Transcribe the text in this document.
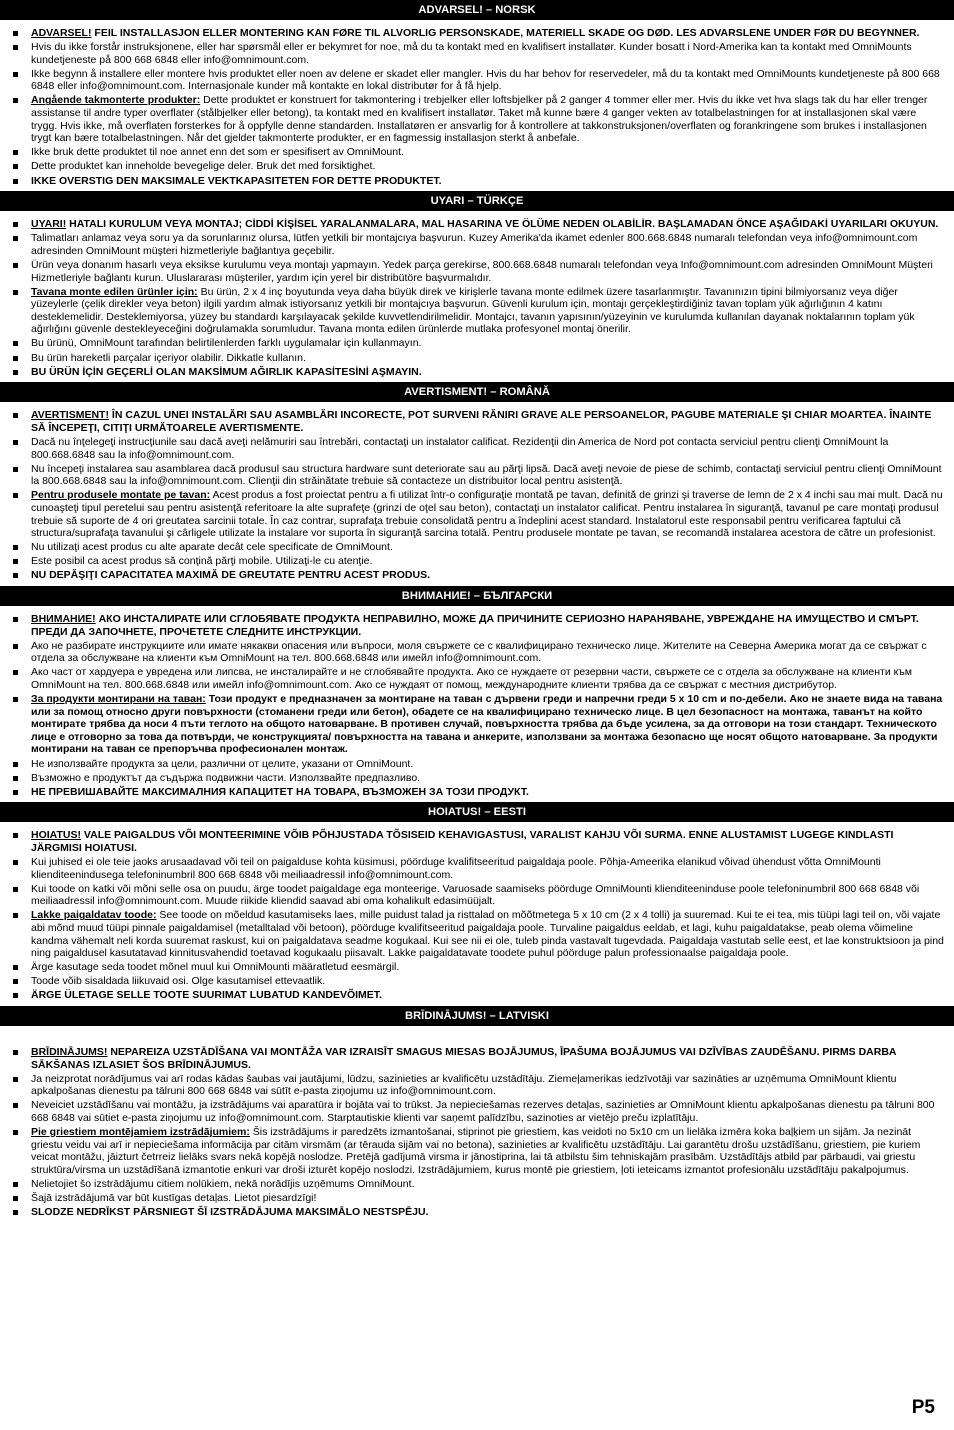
ADVARSEL! – NORSK
ADVARSEL! FEIL INSTALLASJON ELLER MONTERING KAN FØRE TIL ALVORLIG PERSONSKADE, MATERIELL SKADE OG DØD. LES ADVARSLENE UNDER FØR DU BEGYNNER.
Hvis du ikke forstår instruksjonene, eller har spørsmål eller er bekymret for noe, må du ta kontakt med en kvalifisert installatør. Kunder bosatt i Nord-Amerika kan ta kontakt med OmniMounts kundetjeneste på 800 668 6848 eller info@omnimount.com.
Ikke begynn å installere eller montere hvis produktet eller noen av delene er skadet eller mangler. Hvis du har behov for reservedeler, må du ta kontakt med OmniMounts kundetjeneste på 800 668 6848 eller info@omnimount.com. Internasjonale kunder må kontakte en lokal distributør for å få hjelp.
Angående takmonterte produkter: Dette produktet er konstruert for takmontering i trebjelker eller loftsbjelker på 2 ganger 4 tommer eller mer. Hvis du ikke vet hva slags tak du har eller trenger assistanse til andre typer overflater (stålbjelker eller betong), ta kontakt med en kvalifisert installatør. Taket må kunne bære 4 ganger vekten av totalbelastningen for at installasjonen skal være trygg. Hvis ikke, må overflaten forsterkes for å oppfylle denne standarden. Installatøren er ansvarlig for å kontrollere at takkonstruksjonen/overflaten og forankringene som brukes i installasjonen trygt kan bære totalbelastningen. Når det gjelder takmonterte produkter, er en fagmessig installasjon sterkt å anbefale.
Ikke bruk dette produktet til noe annet enn det som er spesifisert av OmniMount.
Dette produktet kan inneholde bevegelige deler. Bruk det med forsiktighet.
IKKE OVERSTIG DEN MAKSIMALE VEKTKAPASITETEN FOR DETTE PRODUKTET.
UYARI – TÜRKÇE
UYARI! HATALI KURULUM VEYA MONTAJ; CİDDİ KİŞİSEL YARALANMALARA, MAL HASARINA VE ÖLÜME NEDEN OLABİLİR. BAŞLAMADAN ÖNCE AŞAĞIDAKİ UYARILARI OKUYUN.
Talimatları anlamaz veya soru ya da sorunlarınız olursa, lütfen yetkili bir montajcıya başvurun. Kuzey Amerika'da ikamet edenler 800.668.6848 numaralı telefondan veya info@omnimount.com adresinden OmniMount müşteri hizmetleriyle bağlantıya geçebilir.
Ürün veya donanım hasarlı veya eksikse kurulumu veya montajı yapmayın. Yedek parça gerekirse, 800.668.6848 numaralı telefondan veya Info@omnimount.com adresinden OmniMount Müşteri Hizmetleriyle bağlantı kurun. Uluslararası müşteriler, yardım için yerel bir distribütöre başvurmalıdır.
Tavana monte edilen ürünler için: Bu ürün, 2 x 4 inç boyutunda veya daha büyük direk ve kirişlerle tavana monte edilmek üzere tasarlanmıştır. Tavanınızın tipini bilmiyorsanız veya diğer yüzeylerle (çelik direkler veya beton) ilgili yardım almak istiyorsanız yetkili bir montajcıya başvurun. Güvenli kurulum için, montajı gerçekleştirdiğiniz tavan toplam yük ağırlığının 4 katını desteklemelidir. Desteklemiyorsa, yüzey bu standardı karşılayacak şekilde kuvvetlendirilmelidir. Montajcı, tavanın yapısının/yüzeyinin ve kurulumda kullanılan dayanak noktalarının toplam yük ağırlığını güvenle destekleyeceğini doğrulamakla sorumludur. Tavana monta edilen ürünlerde mutlaka profesyonel montaj önerilir.
Bu ürünü, OmniMount tarafından belirtilenlerden farklı uygulamalar için kullanmayın.
Bu ürün hareketli parçalar içeriyor olabilir. Dikkatle kullanın.
BU ÜRÜN İÇİN GEÇERLİ OLAN MAKSİMUM AĞIRLIK KAPASİTESİNİ AŞMAYIN.
AVERTISMENT! – ROMÂNĂ
AVERTISMENT! ÎN CAZUL UNEI INSTALĂRI SAU ASAMBLĂRI INCORECTE, POT SURVENI RĂNIRI GRAVE ALE PERSOANELOR, PAGUBE MATERIALE ŞI CHIAR MOARTEA. ÎNAINTE SĂ ÎNCEPEŢI, CITIŢI URMĂTOARELE AVERTISMENTE.
Dacă nu înţelegeţi instrucţiunile sau dacă aveţi nelămuriri sau întrebări, contactaţi un instalator calificat. Rezidenţii din America de Nord pot contacta serviciul pentru clienţi OmniMount la 800.668.6848 sau la info@omnimount.com.
Nu începeţi instalarea sau asamblarea dacă produsul sau structura hardware sunt deteriorate sau au părţi lipsă. Dacă aveţi nevoie de piese de schimb, contactaţi serviciul pentru clienţi OmniMount la 800.668.6848 sau la info@omnimount.com. Clienţii din străinătate trebuie să contacteze un distribuitor local pentru asistenţă.
Pentru produsele montate pe tavan: Acest produs a fost proiectat pentru a fi utilizat într-o configuraţie montată pe tavan, definită de grinzi şi traverse de lemn de 2 x 4 inchi sau mai mult. Dacă nu cunoaşteţi tipul peretelui sau pentru asistenţă referitoare la alte suprafeţe (grinzi de oţel sau beton), contactaţi un instalator calificat. Pentru instalarea în siguranţă, tavanul pe care montaţi produsul trebuie să suporte de 4 ori greutatea sarcinii totale. În caz contrar, suprafaţa trebuie consolidată pentru a îndeplini acest standard. Instalatorul este responsabil pentru verificarea faptului că structura/suprafaţa tavanului şi cârligele utilizate la instalare vor suporta în siguranţă sarcina totală. Pentru produsele montate pe tavan, se recomandă instalarea acestora de către un profesionist.
Nu utilizaţi acest produs cu alte aparate decât cele specificate de OmniMount.
Este posibil ca acest produs să conţină părţi mobile. Utilizaţi-le cu atenţie.
NU DEPĂŞIŢI CAPACITATEA MAXIMĂ DE GREUTATE PENTRU ACEST PRODUS.
ВНИМАНИЕ! – БЪЛГАРСКИ
ВНИМАНИЕ! АКО ИНСТАЛИРАТЕ ИЛИ СГЛОБЯВАТЕ ПРОДУКТА НЕПРАВИЛНО, МОЖЕ ДА ПРИЧИНИТЕ СЕРИОЗНО НАРАНЯВАНЕ, УВРЕЖДАНЕ НА ИМУЩЕСТВО И СМЪРТ. ПРЕДИ ДА ЗАПОЧНЕТЕ, ПРОЧЕТЕТЕ СЛЕДНИТЕ ИНСТРУКЦИИ.
Ако не разбирате инструкциите или имате някакви опасения или въпроси, моля свържете се с квалифицирано техническо лице. Жителите на Северна Америка могат да се свържат с отдела за обслужване на клиенти към OmniMount на тел. 800.668.6848 или имейл info@omnimount.com.
Ако част от хардуера е увредена или липсва, не инсталирайте и не сглобявайте продукта. Ако се нуждаете от резервни части, свържете се с отдела за обслужване на клиенти към OmniMount на тел. 800.668.6848 или имейл info@omnimount.com. Ако се нуждаят от помощ, международните клиенти трябва да се свържат с местния дистрибутор.
За продукти монтирани на таван: Този продукт е предназначен за монтиране на таван с дървени греди и напречни греди 5 x 10 cm и по-дебели. Ако не знаете вида на тавана или за помощ относно други повърхности (стоманени греди или бетон), обадете се на квалифицирано техническо лице. В цел безопасност на монтажа, таванът на който монтирате трябва да носи 4 пъти теглото на общото натоварване. В противен случай, повърхността трябва да бъде усилена, за да отговори на този стандарт. Техническото лице е отговорно за това да потвърди, че конструкцията/ повърхността на тавана и анкерите, използвани за монтажа безопасно ще носят общото натоварване. За продукти монтирани на таван се препоръчва професионален монтаж.
Не използвайте продукта за цели, различни от целите, указани от OmniMount.
Възможно е продуктът да съдържа подвижни части. Използвайте предпазливо.
НЕ ПРЕВИШАВАЙТЕ МАКСИМАЛНИЯ КАПАЦИТЕТ НА ТОВАРА, ВЪЗМОЖЕН ЗА ТОЗИ ПРОДУКТ.
HOIATUS! – EESTI
HOIATUS! VALE PAIGALDUS VÕI MONTEERIMINE VÕIB PÕHJUSTADA TÕSISEID KEHAVIGASTUSI, VARALIST KAHJU VÕI SURMA. ENNE ALUSTAMIST LUGEGE KINDLASTI JÄRGMISI HOIATUSI.
Kui juhised ei ole teie jaoks arusaadavad või teil on paigalduse kohta küsimusi, pöörduge kvalifitseeritud paigaldaja poole. Põhja-Ameerika elanikud võivad ühendust võtta OmniMounti klienditeenindusega telefoninumbril 800 668 6848 või meiliaadressil info@omnimount.com.
Kui toode on katki või mõni selle osa on puudu, ärge toodet paigaldage ega monteerige. Varuosade saamiseks pöörduge OmniMounti klienditeeninduse poole telefoninumbril 800 668 6848 või meiliaadressil info@omnimount.com. Muude riikide kliendid saavad abi oma kohalikult edasimüüjalt.
Lakke paigaldatav toode: See toode on mõeldud kasutamiseks laes, mille puidust talad ja risttalad on mõõtmetega 5 x 10 cm (2 x 4 tolli) ja suuremad. Kui te ei tea, mis tüüpi lagi teil on, või vajate abi mõnd muud tüüpi pinnale paigaldamisel (metalltalad või betoon), pöörduge kvalifitseeritud paigaldaja poole. Turvaline paigaldus eeldab, et lagi, kuhu paigaldatakse, peab olema võimeline kandma vähemalt neli korda suuremat raskust, kui on paigaldatava seadme kogukaal. Kui see nii ei ole, tuleb pinda vastavalt tugevdada. Paigaldaja vastutab selle eest, et lae konstruktsioon ja pind ning paigaldusel kasutatavad kinnitusvahendid toetavad kogukaalu piisavalt. Lakke paigaldatavate toodete puhul pöörduge palun professionaalse paigaldaja poole.
Ärge kasutage seda toodet mõnel muul kui OmniMounti määratletud eesmärgil.
Toode võib sisaldada liikuvaid osi. Olge kasutamisel ettevaatlik.
ÄRGE ÜLETAGE SELLE TOOTE SUURIMAT LUBATUD KANDEVÕIMET.
BRĪDINĀJUMS! – LATVISKI
BRĪDINĀJUMS! NEPAREIZA UZSTĀDĪŠANA VAI MONTĀŽA VAR IZRAISĪT SMAGUS MIESAS BOJĀJUMUS, ĪPAŠUMA BOJĀJUMUS VAI DZĪVĪBAS ZAUDĒŠANU. PIRMS DARBA SĀKŠANAS IZLASIET ŠOS BRĪDINĀJUMUS.
Ja neizprotat norādījumus vai arī rodas kādas šaubas vai jautājumi, lūdzu, sazinieties ar kvalificētu uzstādītāju. Ziemeļamerikas iedzīvotāji var sazināties ar uzņēmuma OmniMount klientu apkalpošanas dienestu pa tālruni 800 668 6848 vai sūtīt e-pasta ziņojumu uz info@omnimount.com.
Neveiciet uzstādīšanu vai montāžu, ja izstrādājums vai aparatūra ir bojāta vai to trūkst. Ja nepieciešamas rezerves detaļas, sazinieties ar OmniMount klientu apkalpošanas dienestu pa tālruni 800 668 6848 vai sūtiet e-pasta ziņojumu uz info@omnimount.com. Starptautiskie klienti var saņemt palīdzību, sazinoties ar vietējo preču izplatītāju.
Pie griestiem montējamiem izstrādājumiem: Šis izstrādājums ir paredzēts izmantošanai, stiprinot pie griestiem, kas veidoti no 5x10 cm un lielāka izmēra koka baļķiem un sijām. Ja nezināt griestu veidu vai arī ir nepieciešama informācija par citām virsmām (ar tērauda sijām vai no betona), sazinieties ar kvalificētu uzstādītāju. Lai garantētu drošu uzstādīšanu, griestiem, pie kuriem veicat montāžu, jāizturt četrreiz lielāks svars nekā kopējā noslodze. Pretējā gadījumā virsma ir jānostiprina, lai tā atbilstu šim tehniskajām prasībām. Uzstādītājs atbild par pārbaudi, vai griestu struktūra/virsma un uzstādīšanā izmantotie enkuri var droši izturēt kopējo noslodzi. Izstrādājumiem, kurus montē pie griestiem, ļoti ieteicams izmantot profesionālu uzstādītāju pakalpojumus.
Nelietojiet šo izstrādājumu citiem nolūkiem, nekā norādījis uzņēmums OmniMount.
Šajā izstrādājumā var būt kustīgas detaļas. Lietot piesardzīgi!
SLODZE NEDRĪKST PĀRSNIEGT ŠĪ IZSTRĀDĀJUMA MAKSIMĀLO NESTSPĒJU.
P5
